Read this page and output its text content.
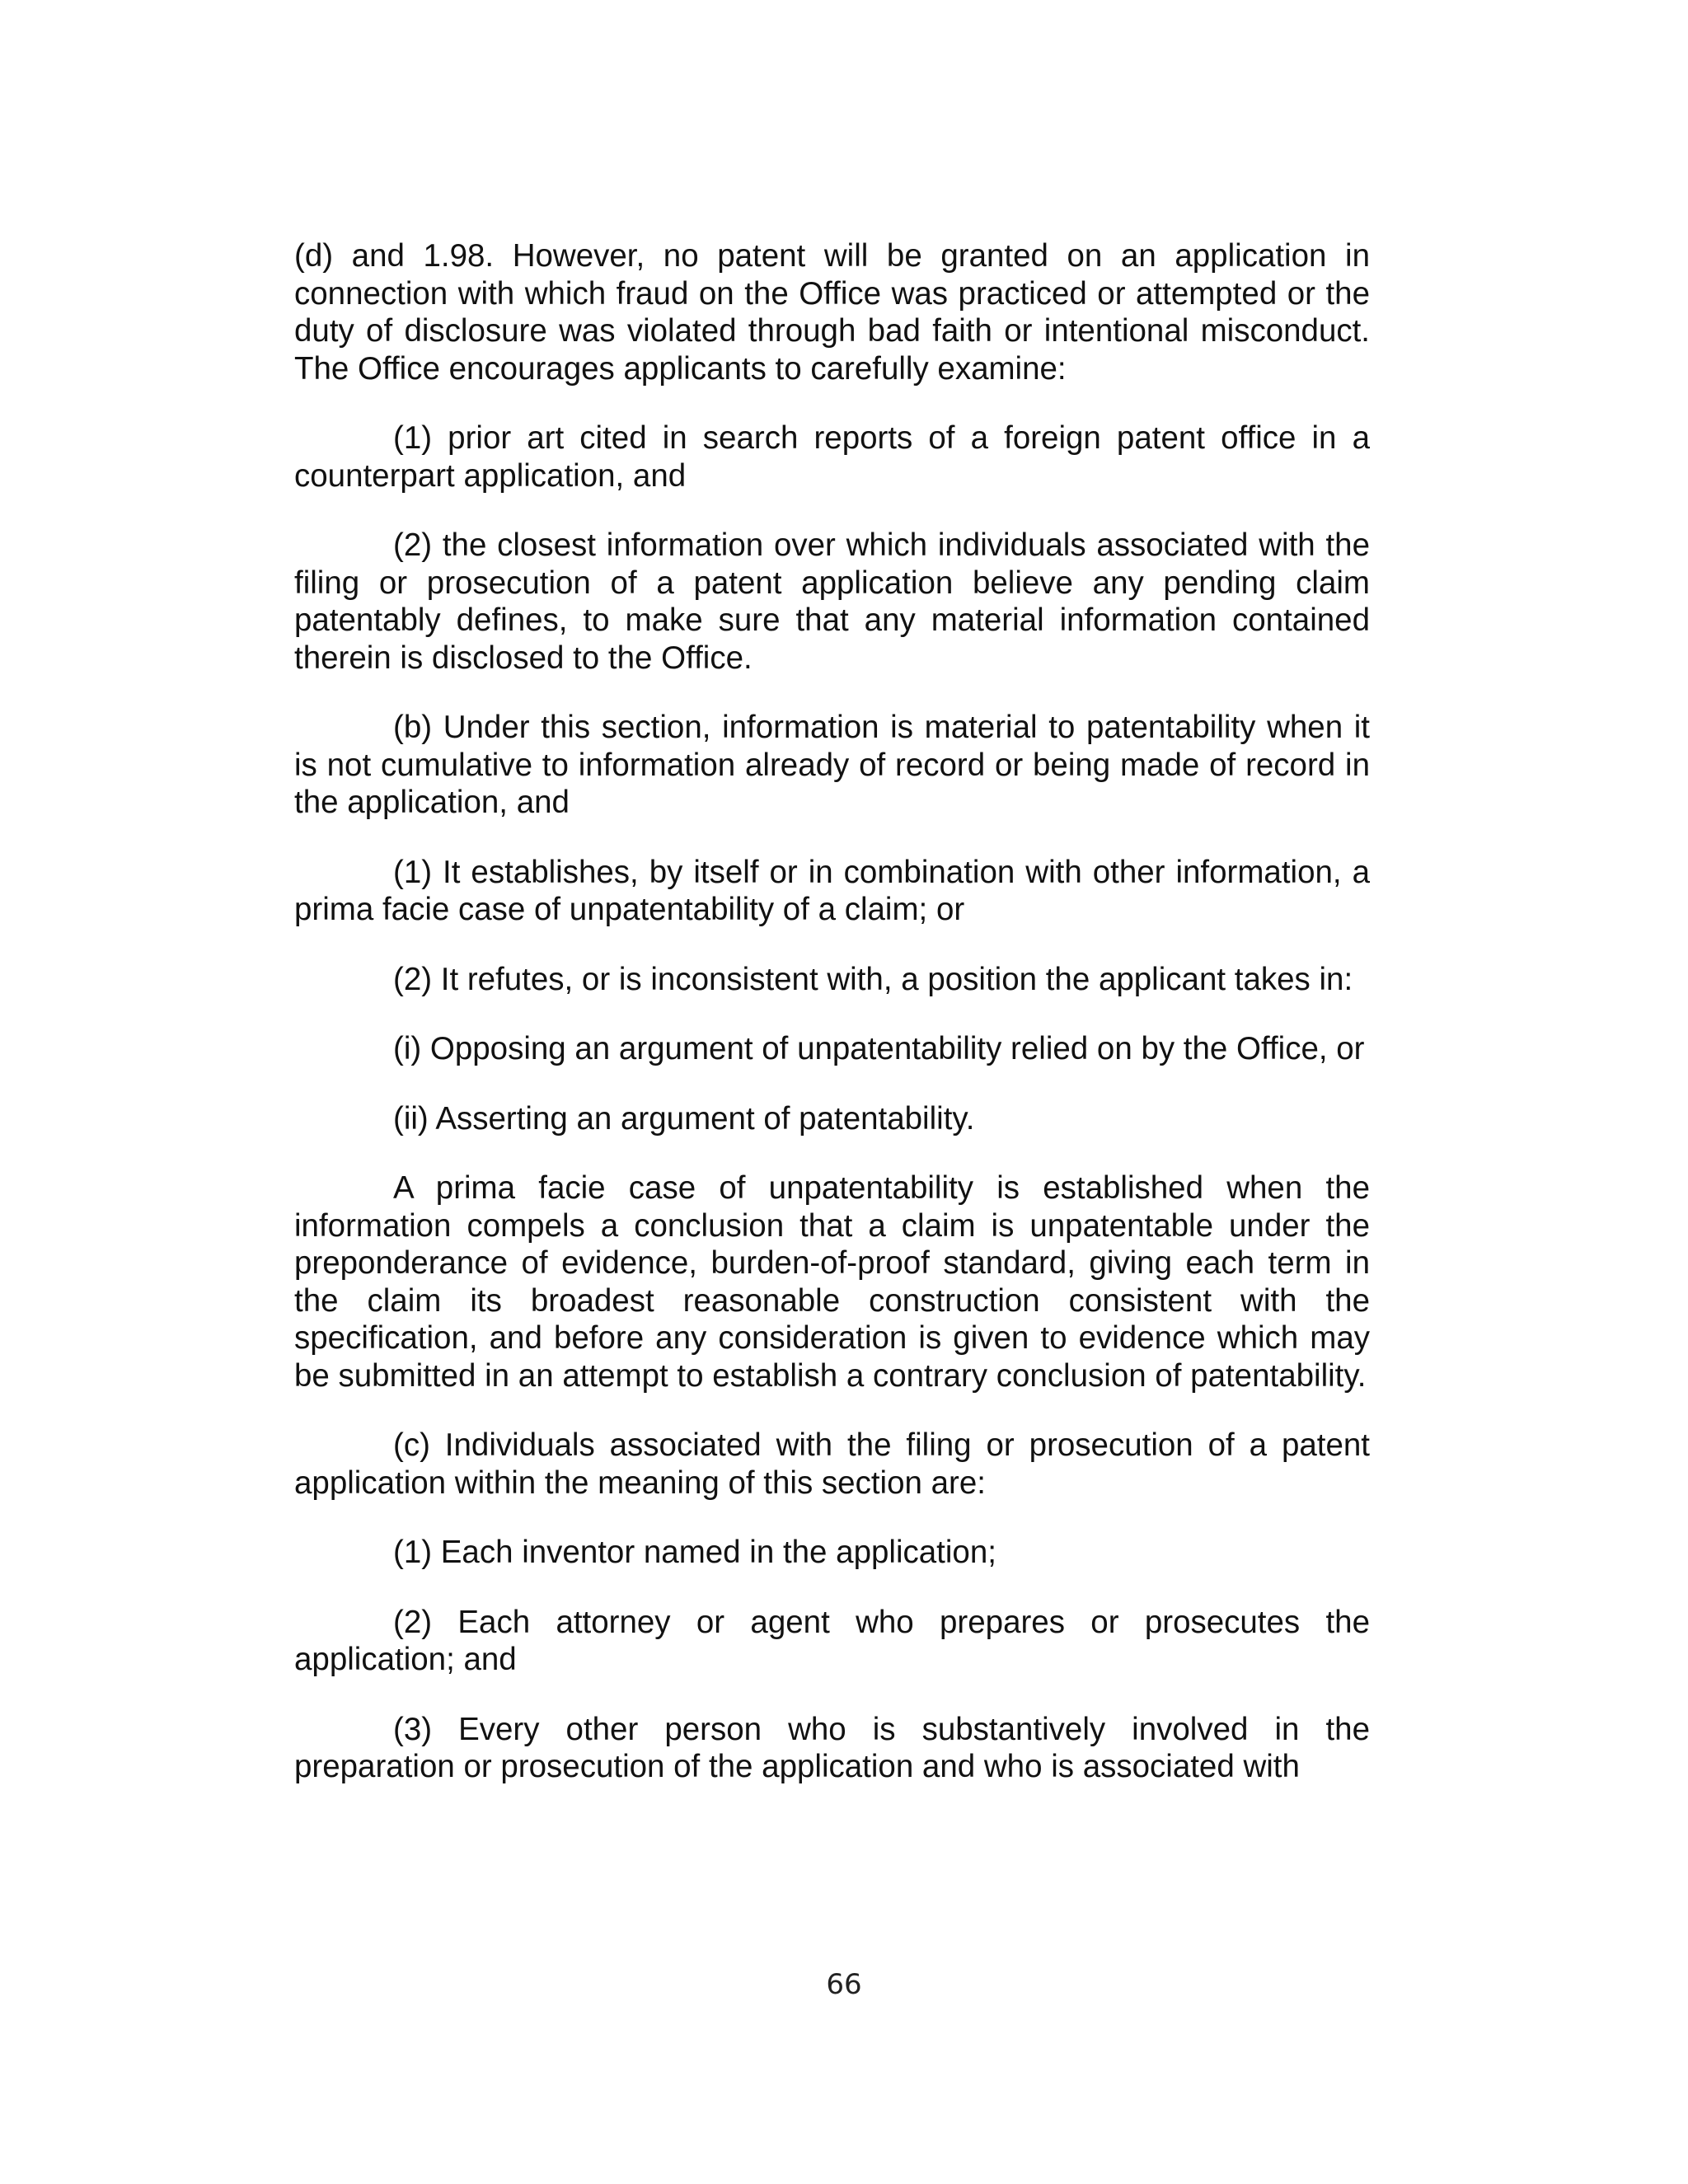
(d) and 1.98. However, no patent will be granted on an application in connection with which fraud on the Office was practiced or attempted or the duty of disclosure was violated through bad faith or intentional misconduct. The Office encourages applicants to carefully examine:

(1) prior art cited in search reports of a foreign patent office in a counterpart application, and

(2) the closest information over which individuals associated with the filing or prosecution of a patent application believe any pending claim patentably defines, to make sure that any material information contained therein is disclosed to the Office.

(b) Under this section, information is material to patentability when it is not cumulative to information already of record or being made of record in the application, and

(1) It establishes, by itself or in combination with other information, a prima facie case of unpatentability of a claim; or

(2) It refutes, or is inconsistent with, a position the applicant takes in:

(i) Opposing an argument of unpatentability relied on by the Office, or

(ii) Asserting an argument of patentability.

A prima facie case of unpatentability is established when the information compels a conclusion that a claim is unpatentable under the preponderance of evidence, burden-of-proof standard, giving each term in the claim its broadest reasonable construction consistent with the specification, and before any consideration is given to evidence which may be submitted in an attempt to establish a contrary conclusion of patentability.

(c) Individuals associated with the filing or prosecution of a patent application within the meaning of this section are:

(1) Each inventor named in the application;

(2) Each attorney or agent who prepares or prosecutes the application; and

(3) Every other person who is substantively involved in the preparation or prosecution of the application and who is associated with

66
